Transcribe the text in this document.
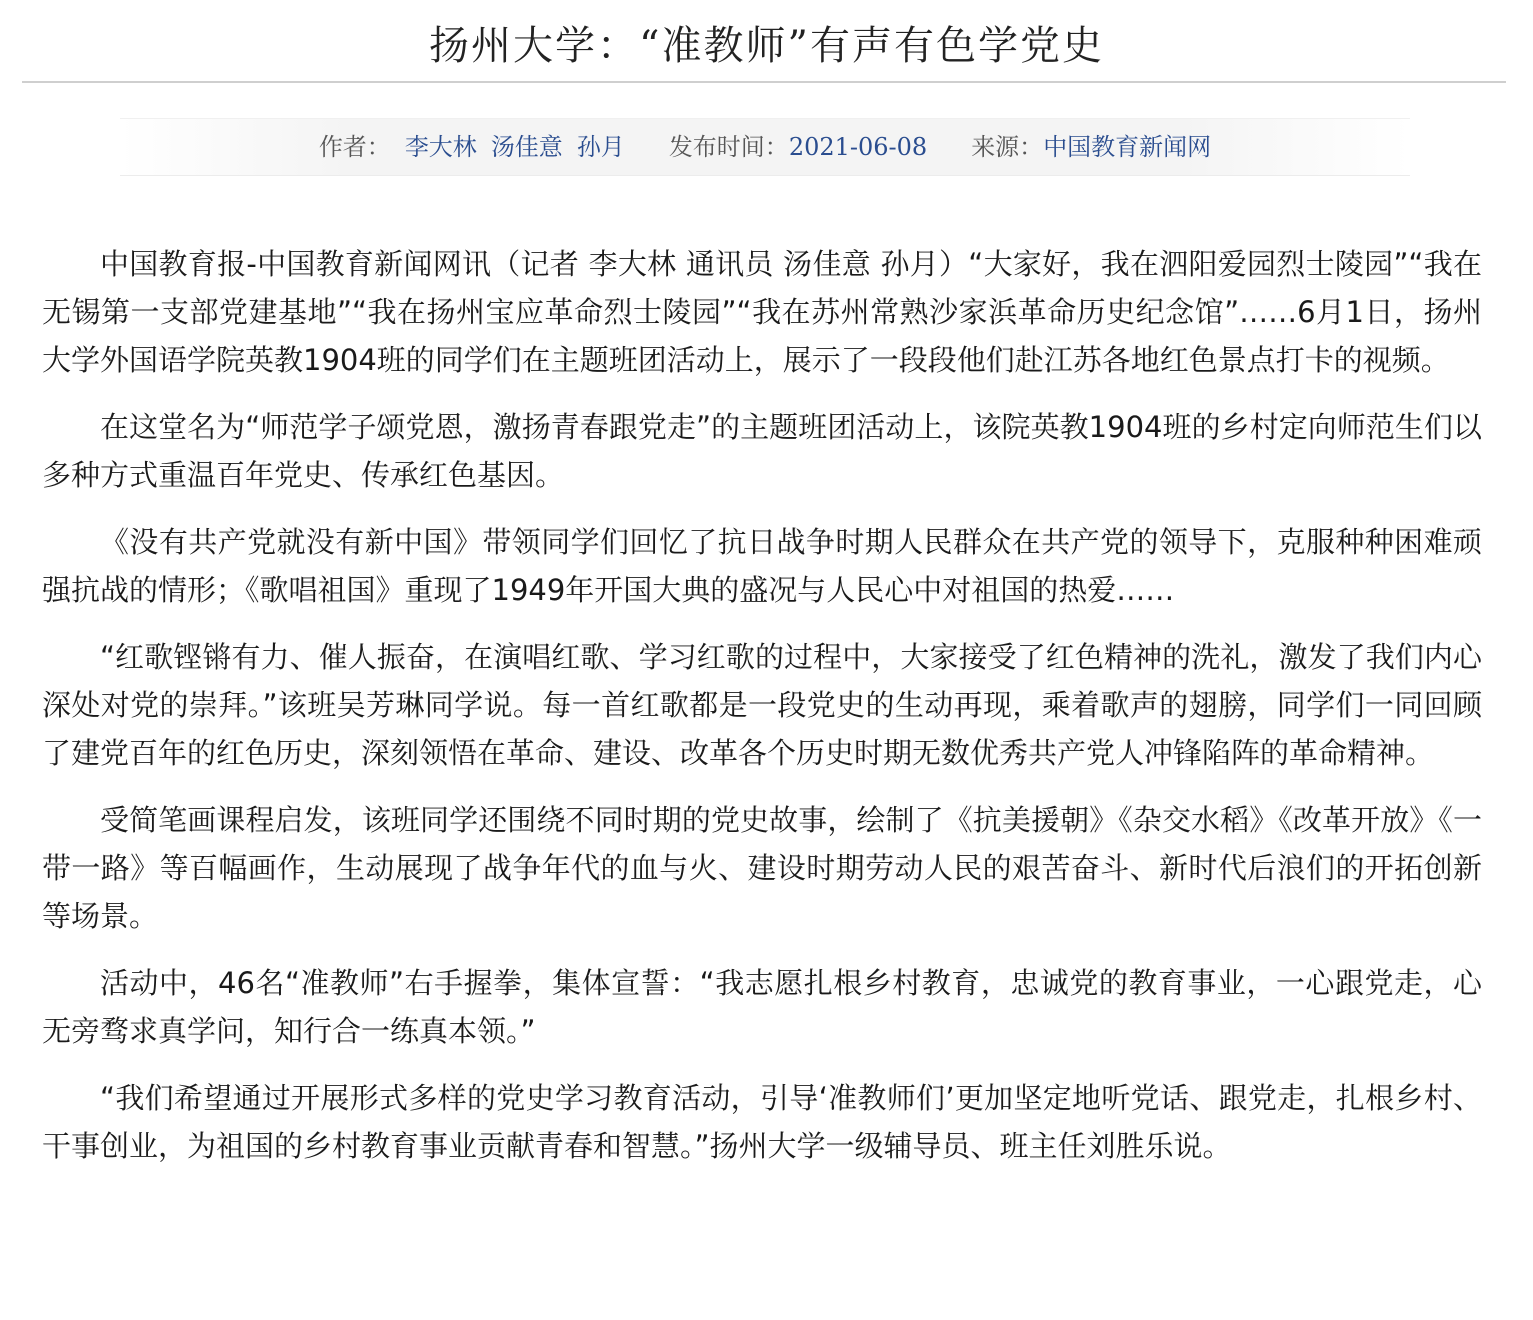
扬州大学：“准教师”有声有色学党史
作者： 李大林 汤佳意 孙月 发布时间：2021-06-08 来源：中国教育新闻网

中国教育报-中国教育新闻网讯（记者 李大林 通讯员 汤佳意 孙月）“大家好，我在泗阳爱园烈士陵园”“我在无锡第一支部党建基地”“我在扬州宝应革命烈士陵园”“我在苏州常熟沙家浜革命历史纪念馆”……6月1日，扬州大学外国语学院英教1904班的同学们在主题班团活动上，展示了一段段他们赴江苏各地红色景点打卡的视频。

在这堂名为“师范学子颂党恩，激扬青春跟党走”的主题班团活动上，该院英教1904班的乡村定向师范生们以多种方式重温百年党史、传承红色基因。

《没有共产党就没有新中国》带领同学们回忆了抗日战争时期人民群众在共产党的领导下，克服种种困难顽强抗战的情形；《歌唱祖国》重现了1949年开国大典的盛况与人民心中对祖国的热爱……

“红歌铿锵有力、催人振奋，在演唱红歌、学习红歌的过程中，大家接受了红色精神的洗礼，激发了我们内心深处对党的崇拜。”该班吴芳琳同学说。每一首红歌都是一段党史的生动再现，乘着歌声的翅膀，同学们一同回顾了建党百年的红色历史，深刻领悟在革命、建设、改革各个历史时期无数优秀共产党人冲锋陷阵的革命精神。

受简笔画课程启发，该班同学还围绕不同时期的党史故事，绘制了《抗美援朝》《杂交水稻》《改革开放》《一带一路》等百幅画作，生动展现了战争年代的血与火、建设时期劳动人民的艰苦奋斗、新时代后浪们的开拓创新等场景。

活动中，46名“准教师”右手握拳，集体宣誓：“我志愿扎根乡村教育，忠诚党的教育事业，一心跟党走，心无旁骛求真学问，知行合一练真本领。”

“我们希望通过开展形式多样的党史学习教育活动，引导‘准教师们’更加坚定地听党话、跟党走，扎根乡村、干事创业，为祖国的乡村教育事业贡献青春和智慧。”扬州大学一级辅导员、班主任刘胜乐说。
